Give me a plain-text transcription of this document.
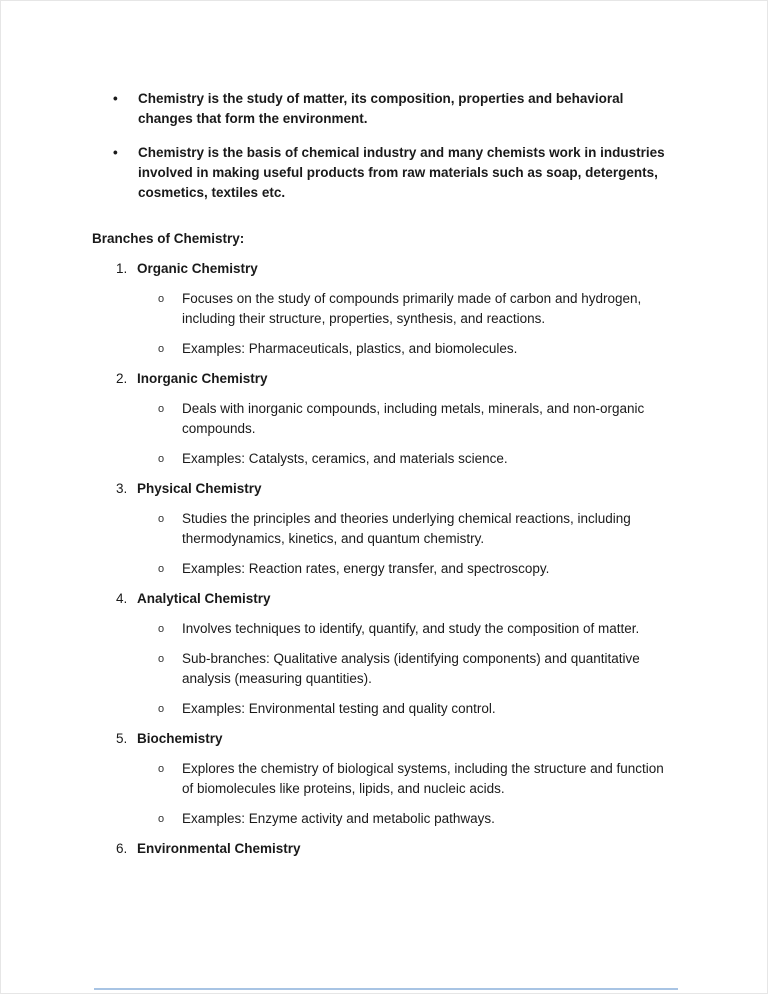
•	Chemistry is the study of matter, its composition, properties and behavioral changes that form the environment.
•	Chemistry is the basis of chemical industry and many chemists work in industries involved in making useful products from raw materials such as soap, detergents, cosmetics, textiles etc.

Branches of Chemistry:

1. Organic Chemistry
o	Focuses on the study of compounds primarily made of carbon and hydrogen, including their structure, properties, synthesis, and reactions.
o	Examples: Pharmaceuticals, plastics, and biomolecules.
2. Inorganic Chemistry
o	Deals with inorganic compounds, including metals, minerals, and non-organic compounds.
o	Examples: Catalysts, ceramics, and materials science.
3. Physical Chemistry
o	Studies the principles and theories underlying chemical reactions, including thermodynamics, kinetics, and quantum chemistry.
o	Examples: Reaction rates, energy transfer, and spectroscopy.
4. Analytical Chemistry
o	Involves techniques to identify, quantify, and study the composition of matter.
o	Sub-branches: Qualitative analysis (identifying components) and quantitative analysis (measuring quantities).
o	Examples: Environmental testing and quality control.
5. Biochemistry
o	Explores the chemistry of biological systems, including the structure and function of biomolecules like proteins, lipids, and nucleic acids.
o	Examples: Enzyme activity and metabolic pathways.
6. Environmental Chemistry
